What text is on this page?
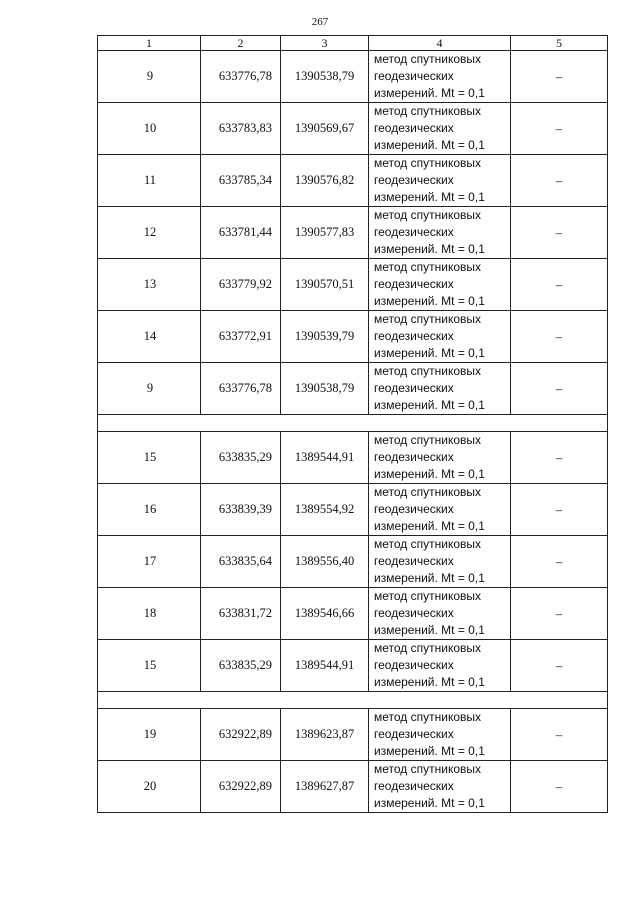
267
1	2	3	4	5
9	633776,78	1390538,79	метод спутниковых
геодезических
измерений. Mt = 0,1	–
10	633783,83	1390569,67	метод спутниковых
геодезических
измерений. Mt = 0,1	–
11	633785,34	1390576,82	метод спутниковых
геодезических
измерений. Mt = 0,1	–
12	633781,44	1390577,83	метод спутниковых
геодезических
измерений. Mt = 0,1	–
13	633779,92	1390570,51	метод спутниковых
геодезических
измерений. Mt = 0,1	–
14	633772,91	1390539,79	метод спутниковых
геодезических
измерений. Mt = 0,1	–
9	633776,78	1390538,79	метод спутниковых
геодезических
измерений. Mt = 0,1	–

15	633835,29	1389544,91	метод спутниковых
геодезических
измерений. Mt = 0,1	–
16	633839,39	1389554,92	метод спутниковых
геодезических
измерений. Mt = 0,1	–
17	633835,64	1389556,40	метод спутниковых
геодезических
измерений. Mt = 0,1	–
18	633831,72	1389546,66	метод спутниковых
геодезических
измерений. Mt = 0,1	–
15	633835,29	1389544,91	метод спутниковых
геодезических
измерений. Mt = 0,1	–

19	632922,89	1389623,87	метод спутниковых
геодезических
измерений. Mt = 0,1	–
20	632922,89	1389627,87	метод спутниковых
геодезических
измерений. Mt = 0,1	–
